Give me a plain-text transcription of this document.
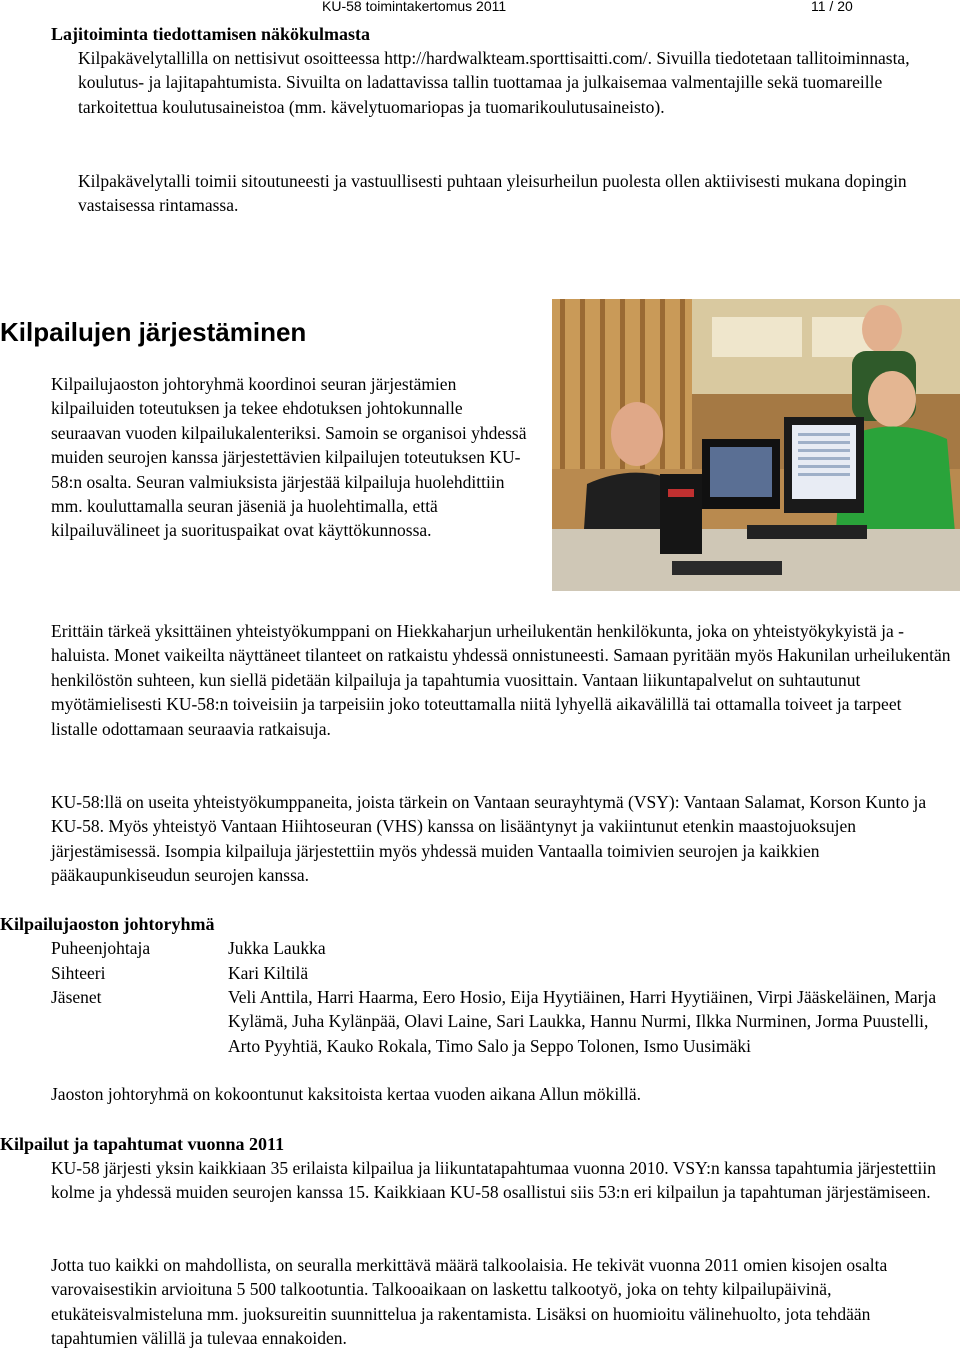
KU-58 toimintakertomus 2011	11 / 20
Lajitoiminta tiedottamisen näkökulmasta

Kilpakävelytallilla on nettisivut osoitteessa http://hardwalkteam.sporttisaitti.com/. Sivuilla tiedotetaan tallitoiminnasta, koulutus- ja lajitapahtumista. Sivuilta on ladattavissa tallin tuottamaa ja julkaisemaa valmentajille sekä tuomareille tarkoitettua koulutusaineistoa (mm. kävelytuomariopas ja tuomarikoulutusaineisto).

Kilpakävelytalli toimii sitoutuneesti ja vastuullisesti puhtaan yleisurheilun puolesta ollen aktiivisesti mukana dopingin vastaisessa rintamassa.

Kilpailujen järjestäminen

Kilpailujaoston johtoryhmä koordinoi seuran järjestämien kilpailuiden toteutuksen ja tekee ehdotuksen johtokunnalle seuraavan vuoden kilpailukalenteriksi. Samoin se organisoi yhdessä muiden seurojen kanssa järjestettävien kilpailujen toteutuksen KU-58:n osalta. Seuran valmiuksista järjestää kilpailuja huolehdittiin mm. kouluttamalla seuran jäseniä ja huolehtimalla, että kilpailuvälineet ja suorituspaikat ovat käyttökunnossa.

Erittäin tärkeä yksittäinen yhteistyökumppani on Hiekkaharjun urheilukentän henkilökunta, joka on yhteistyökykyistä ja -haluista. Monet vaikeilta näyttäneet tilanteet on ratkaistu yhdessä onnistuneesti. Samaan pyritään myös Hakunilan urheilukentän henkilöstön suhteen, kun siellä pidetään kilpailuja ja tapahtumia vuosittain. Vantaan liikuntapalvelut on suhtautunut myötämielisesti KU-58:n toiveisiin ja tarpeisiin joko toteuttamalla niitä lyhyellä aikavälillä tai ottamalla toiveet ja tarpeet listalle odottamaan seuraavia ratkaisuja.

KU-58:llä on useita yhteistyökumppaneita, joista tärkein on Vantaan seurayhtymä (VSY): Vantaan Salamat, Korson Kunto ja KU-58. Myös yhteistyö Vantaan Hiihtoseuran (VHS) kanssa on lisääntynyt ja vakiintunut etenkin maastojuoksujen järjestämisessä. Isompia kilpailuja järjestettiin myös yhdessä muiden Vantaalla toimivien seurojen ja kaikkien pääkaupunkiseudun seurojen kanssa.

Kilpailujaoston johtoryhmä
Puheenjohtaja	Jukka Laukka
Sihteeri	Kari Kiltilä
Jäsenet	Veli Anttila, Harri Haarma, Eero Hosio, Eija Hyytiäinen, Harri Hyytiäinen, Virpi Jääskeläinen, Marja Kylämä, Juha Kylänpää, Olavi Laine, Sari Laukka, Hannu Nurmi, Ilkka Nurminen, Jorma Puustelli, Arto Pyyhtiä, Kauko Rokala, Timo Salo ja Seppo Tolonen, Ismo Uusimäki
Jaoston johtoryhmä on kokoontunut kaksitoista kertaa vuoden aikana Allun mökillä.
Kilpailut ja tapahtumat vuonna 2011

KU-58 järjesti yksin kaikkiaan 35 erilaista kilpailua ja liikuntatapahtumaa vuonna 2010. VSY:n kanssa tapahtumia järjestettiin kolme ja yhdessä muiden seurojen kanssa 15. Kaikkiaan KU-58 osallistui siis 53:n eri kilpailun ja tapahtuman järjestämiseen.

Jotta tuo kaikki on mahdollista, on seuralla merkittävä määrä talkoolaisia. He tekivät vuonna 2011 omien kisojen osalta varovaisestikin arvioituna 5 500 talkootuntia. Talkooaikaan on laskettu talkootyö, joka on tehty kilpailupäivinä, etukäteisvalmisteluna mm. juoksureitin suunnittelua ja rakentamista. Lisäksi on huomioitu välinehuolto, jota tehdään tapahtumien välillä ja tulevaa ennakoiden.
